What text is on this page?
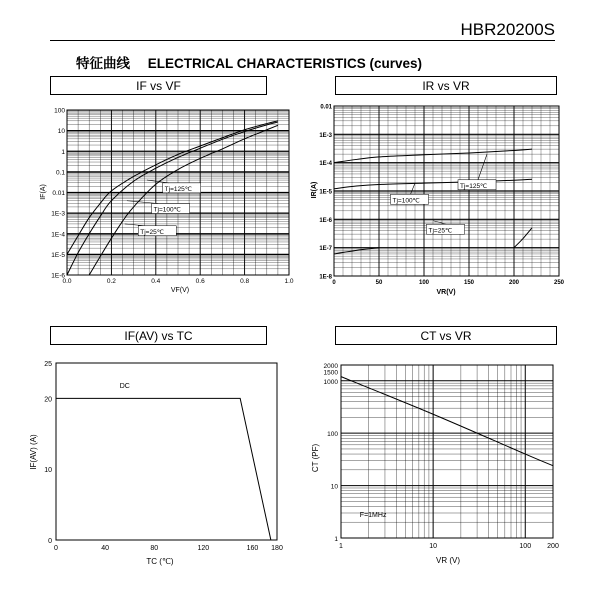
HBR20200S
特征曲线 ELECTRICAL CHARACTERISTICS (curves)
IF vs VF	IR vs VR
IF(AV) vs TC	CT vs VR
0.0	0.2	0.4	0.6	0.8	1.0
100
10
1
0.1
0.01
1E-3
1E-4
1E-5
1E-6
VF(V)
IF(A)	Tj=125℃
Tj=100℃
Tj=25℃
0	50	100	150	200	250
0.01
1E-3
1E-4
1E-5
1E-6
1E-7
1E-8
VR(V)
IR(A)	Tj=125℃
Tj=100℃
Tj=25℃
0	40	80	120	160 180
0
10
20
25
TC (℃)
IF(AV) (A)
DC
1	10	100 200
1
10
100
1000
1500
2000
VR (V)
CT (PF)
F=1MHz
